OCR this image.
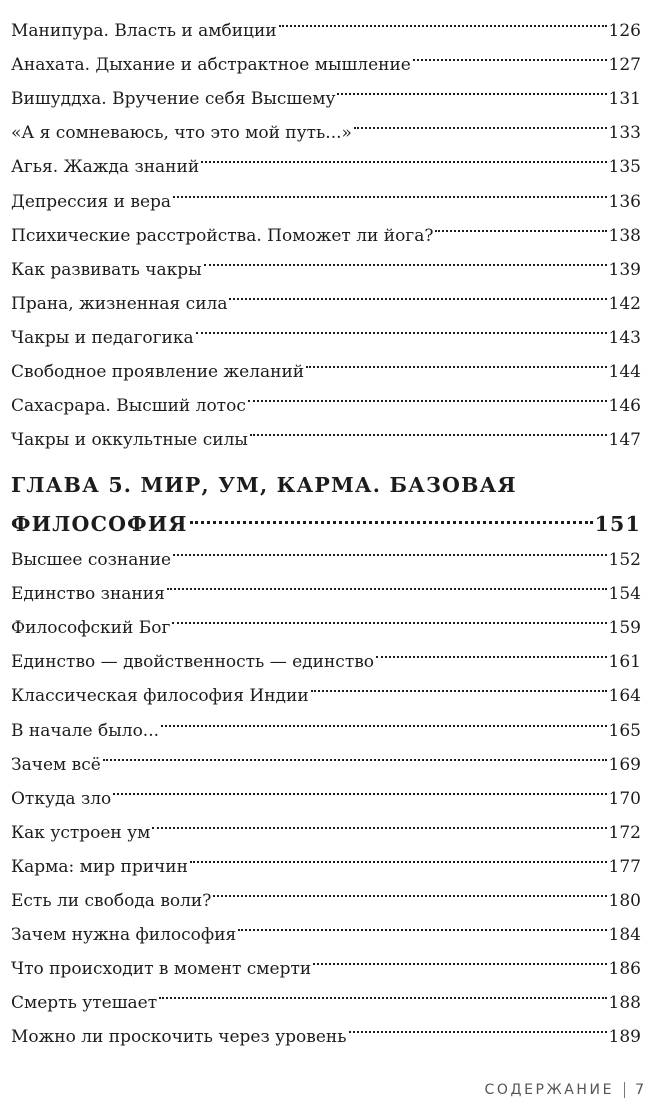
Манипура. Власть и амбиции	126
Анахата. Дыхание и абстрактное мышление	127
Вишуддха. Вручение себя Высшему	131
«А я сомневаюсь, что это мой путь...»	133
Агья. Жажда знаний	135
Депрессия и вера	136
Психические расстройства. Поможет ли йога?	138
Как развивать чакры	139
Прана, жизненная сила	142
Чакры и педагогика	143
Свободное проявление желаний	144
Сахасрара. Высший лотос	146
Чакры и оккультные силы	147
ГЛАВА 5. МИР, УМ, КАРМА. БАЗОВАЯ
ФИЛОСОФИЯ	151
Высшее сознание	152
Единство знания	154
Философский Бог	159
Единство — двойственность — единство	161
Классическая философия Индии	164
В начале было...	165
Зачем всё	169
Откуда зло	170
Как устроен ум	172
Карма: мир причин	177
Есть ли свобода воли?	180
Зачем нужна философия	184
Что происходит в момент смерти	186
Смерть утешает	188
Можно ли проскочить через уровень	189
СОДЕРЖАНИЕ 7
